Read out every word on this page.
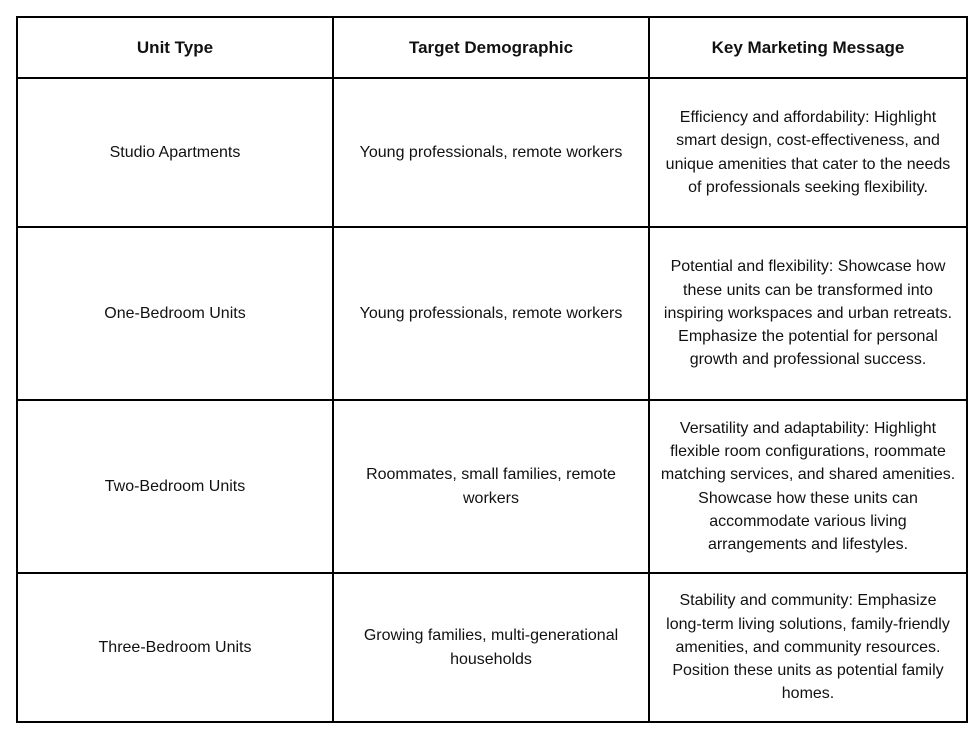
Unit Type	Target Demographic	Key Marketing Message
Studio Apartments	Young professionals, remote workers	Efficiency and affordability: Highlight smart design, cost-effectiveness, and unique amenities that cater to the needs of professionals seeking flexibility.
One-Bedroom Units	Young professionals, remote workers	Potential and flexibility: Showcase how these units can be transformed into inspiring workspaces and urban retreats. Emphasize the potential for personal growth and professional success.
Two-Bedroom Units	Roommates, small families, remote workers	Versatility and adaptability: Highlight flexible room configurations, roommate matching services, and shared amenities. Showcase how these units can accommodate various living arrangements and lifestyles.
Three-Bedroom Units	Growing families, multi-generational households	Stability and community: Emphasize long-term living solutions, family-friendly amenities, and community resources. Position these units as potential family homes.
